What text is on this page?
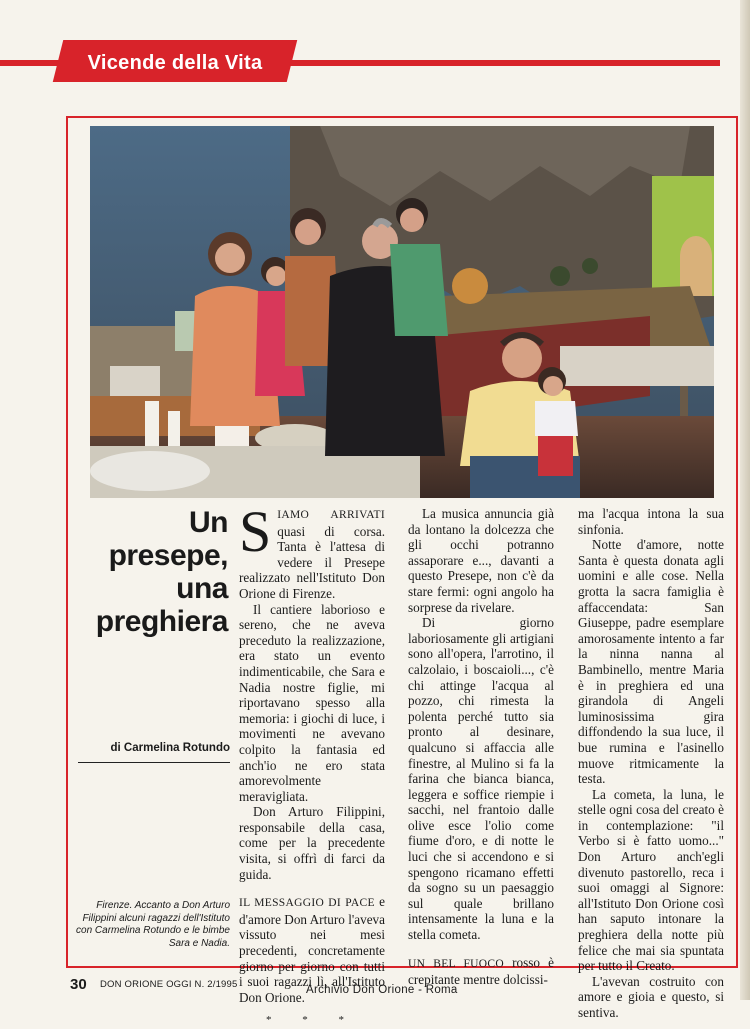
Vicende della Vita
Un
presepe,
una
preghiera
di Carmelina Rotundo
Firenze. Accanto a Don Arturo Filippini alcuni ragazzi dell'Istituto con Carmelina Rotundo e le bimbe Sara e Nadia.

S IAMO ARRIVATI quasi di corsa. Tanta è l'attesa di vedere il Presepe realizzato nell'Istituto Don Orione di Firenze.

Il cantiere laborioso e sereno, che ne aveva preceduto la realizzazione, era stato un evento indimenticabile, che Sara e Nadia nostre figlie, mi riportavano spesso alla memoria: i giochi di luce, i movimenti ne avevano colpito la fantasia ed anch'io ne ero stata amorevolmente meravigliata.

Don Arturo Filippini, responsabile della casa, come per la precedente visita, si offrì di farci da guida.

IL MESSAGGIO DI PACE e d'amore Don Arturo l'aveva vissuto nei mesi precedenti, concretamente giorno per giorno con tutti i suoi ragazzi lì, all'Istituto Don Orione.

* * *

La musica annuncia già da lontano la dolcezza che gli occhi potranno assaporare e..., davanti a questo Presepe, non c'è da stare fermi: ogni angolo ha sorprese da rivelare.

Di giorno laboriosamente gli artigiani sono all'opera, l'arrotino, il calzolaio, i boscaioli..., c'è chi attinge l'acqua al pozzo, chi rimesta la polenta perché tutto sia pronto al desinare, qualcuno si affaccia alle finestre, al Mulino si fa la farina che bianca bianca, leggera e soffice riempie i sacchi, nel frantoio dalle olive esce l'olio come fiume d'oro, e di notte le luci che si accendono e si spengono ricamano effetti da sogno su un paesaggio sul quale brillano intensamente la luna e la stella cometa.

UN BEL FUOCO rosso è crepitante mentre dolcissi-

ma l'acqua intona la sua sinfonia.

Notte d'amore, notte Santa è questa donata agli uomini e alle cose. Nella grotta la sacra famiglia è affaccendata: San Giuseppe, padre esemplare amorosamente intento a far la ninna nanna al Bambinello, mentre Maria è in preghiera ed una girandola di Angeli luminosissima gira diffondendo la sua luce, il bue rumina e l'asinello muove ritmicamente la testa.

La cometa, la luna, le stelle ogni cosa del creato è in contemplazione: "il Verbo si è fatto uomo..." Don Arturo anch'egli divenuto pastorello, reca i suoi omaggi al Signore: all'Istituto Don Orione così han saputo intonare la preghiera della notte più felice che mai sia spuntata per tutto il Creato.

L'avevan costruito con amore e gioia e questo, si sentiva.

30 DON ORIONE OGGI N. 2/1995	Archivio Don Orione - Roma
